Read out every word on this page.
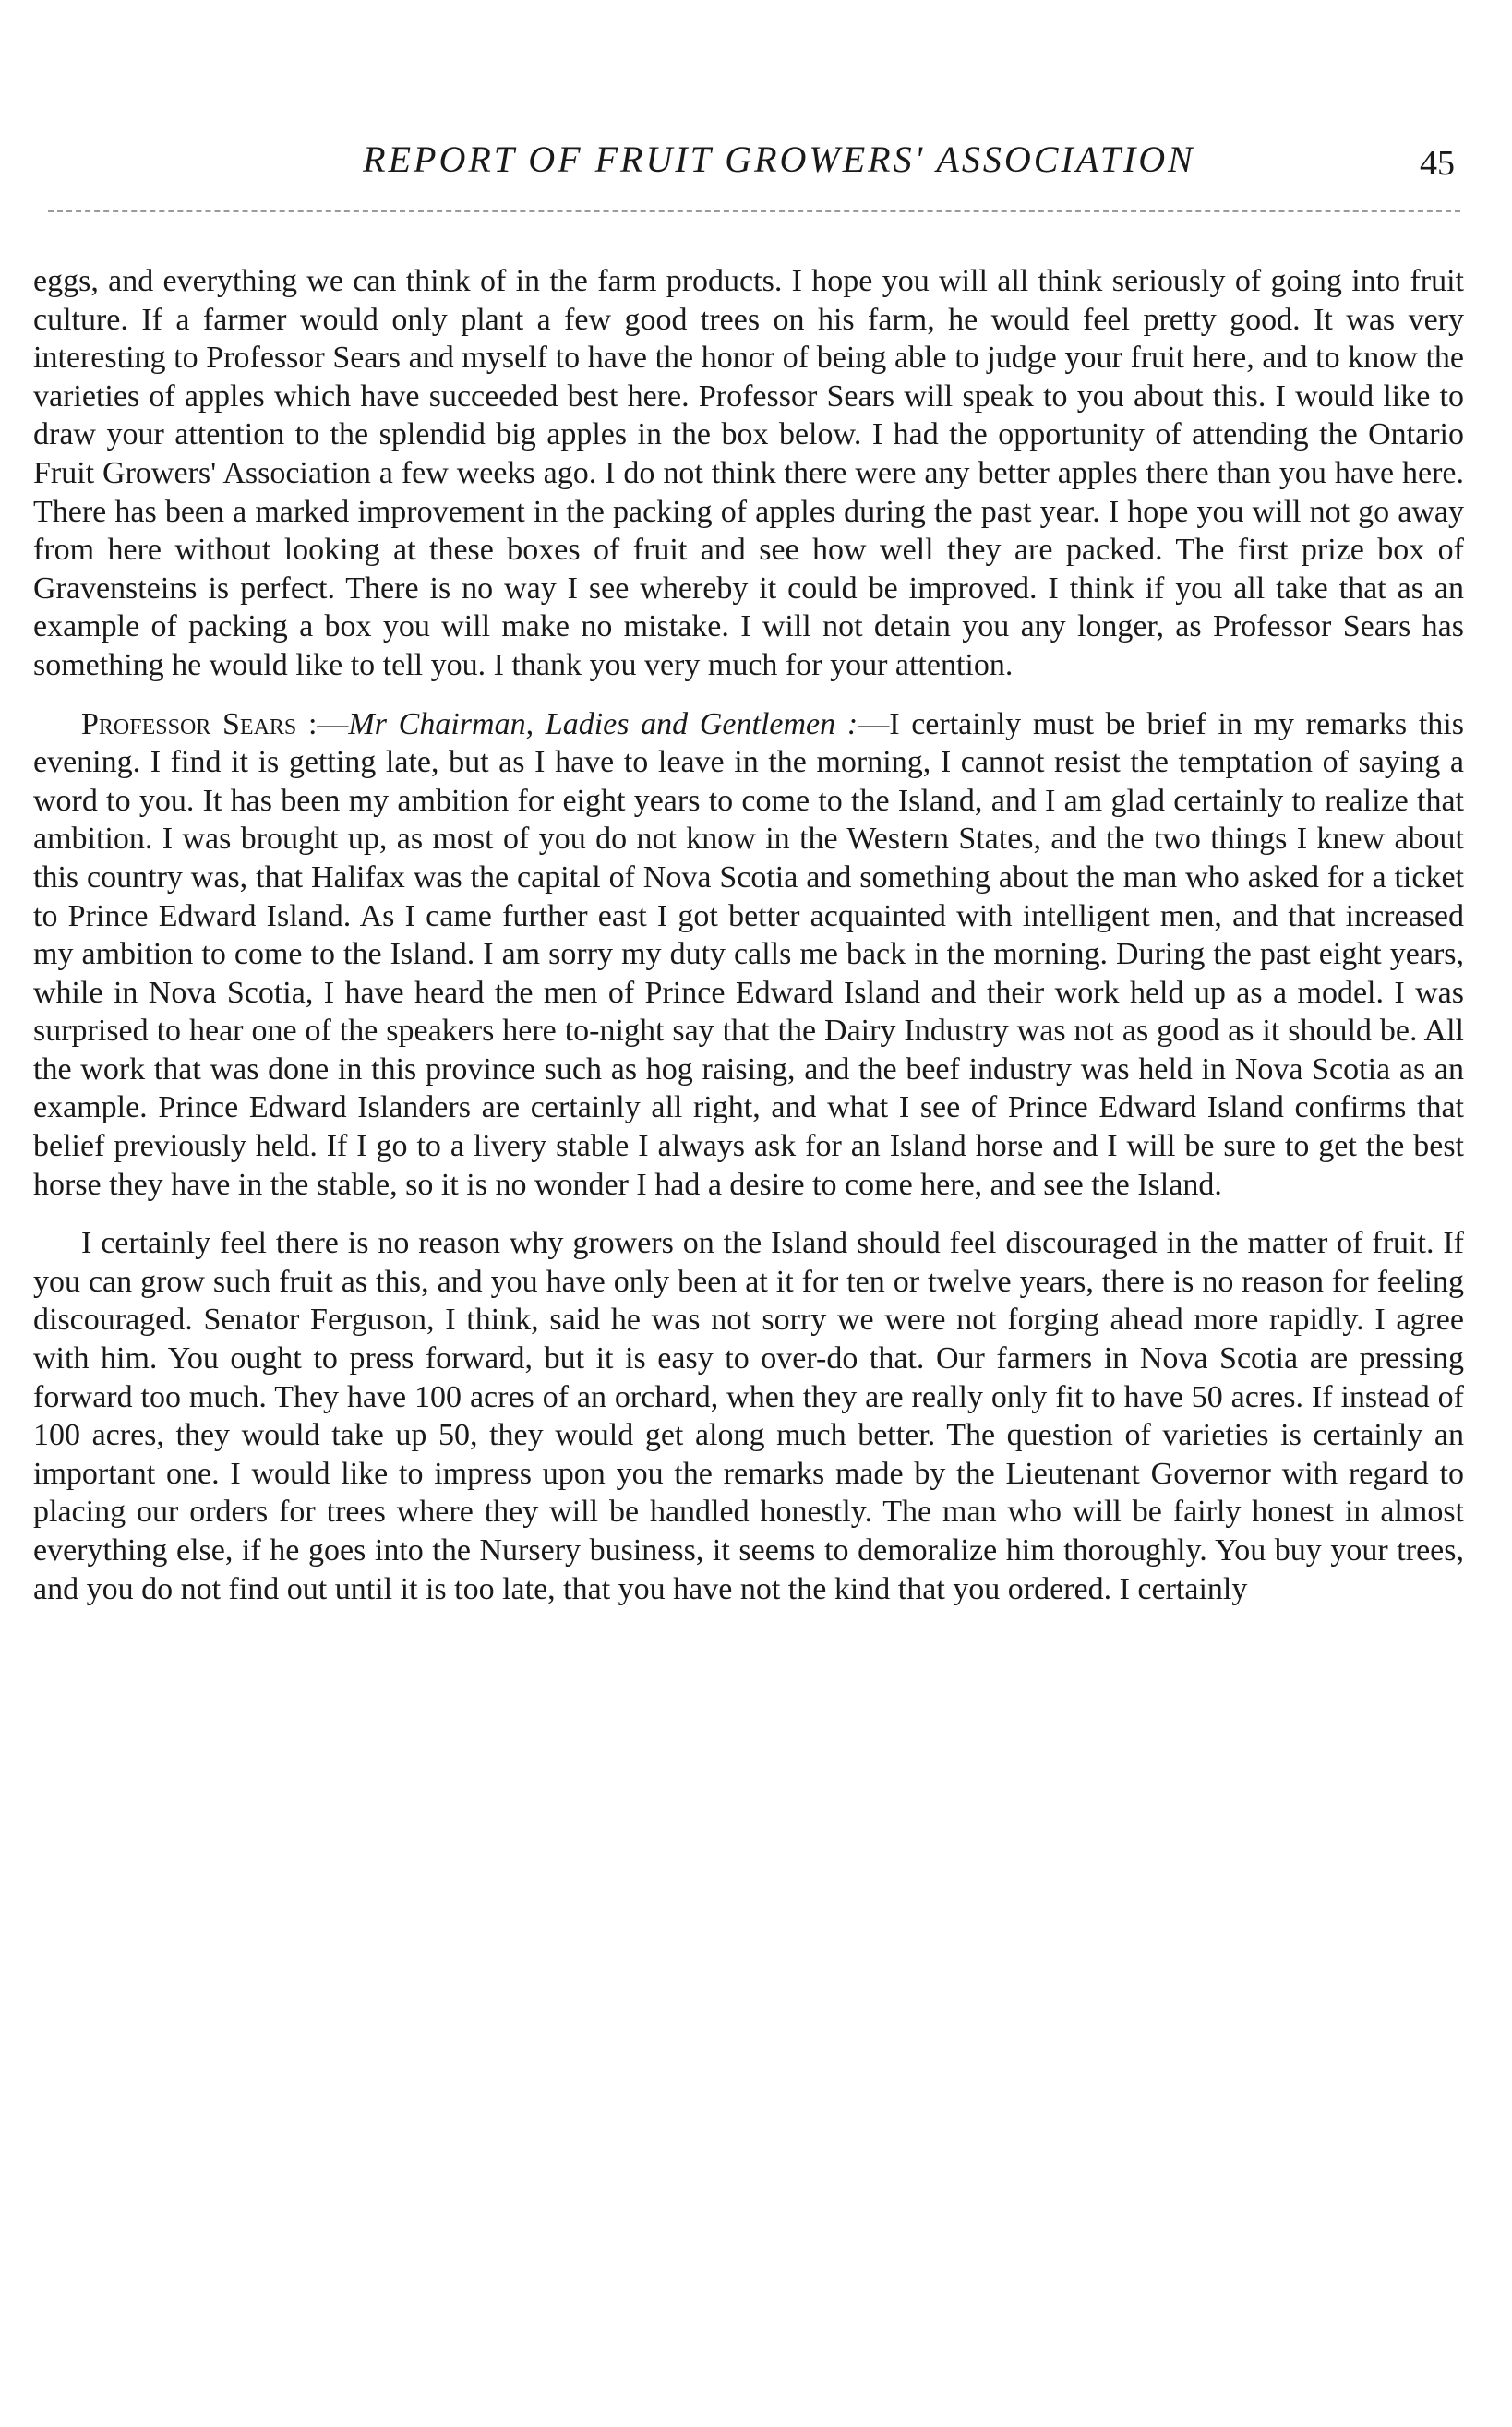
REPORT OF FRUIT GROWERS' ASSOCIATION	45

eggs, and everything we can think of in the farm products. I hope you will all think seriously of going into fruit culture. If a farmer would only plant a few good trees on his farm, he would feel pretty good. It was very interesting to Professor Sears and myself to have the honor of being able to judge your fruit here, and to know the varieties of apples which have succeeded best here. Professor Sears will speak to you about this. I would like to draw your attention to the splendid big apples in the box below. I had the opportunity of attending the Ontario Fruit Growers' Association a few weeks ago. I do not think there were any better apples there than you have here. There has been a marked improvement in the packing of apples during the past year. I hope you will not go away from here without looking at these boxes of fruit and see how well they are packed. The first prize box of Gravensteins is perfect. There is no way I see whereby it could be improved. I think if you all take that as an example of packing a box you will make no mistake. I will not detain you any longer, as Professor Sears has something he would like to tell you. I thank you very much for your attention.

Professor Sears :—Mr Chairman, Ladies and Gentlemen :—I certainly must be brief in my remarks this evening. I find it is getting late, but as I have to leave in the morning, I cannot resist the temptation of saying a word to you. It has been my ambition for eight years to come to the Island, and I am glad certainly to realize that ambition. I was brought up, as most of you do not know in the Western States, and the two things I knew about this country was, that Halifax was the capital of Nova Scotia and something about the man who asked for a ticket to Prince Edward Island. As I came further east I got better acquainted with intelligent men, and that increased my ambition to come to the Island. I am sorry my duty calls me back in the morning. During the past eight years, while in Nova Scotia, I have heard the men of Prince Edward Island and their work held up as a model. I was surprised to hear one of the speakers here to-night say that the Dairy Industry was not as good as it should be. All the work that was done in this province such as hog raising, and the beef industry was held in Nova Scotia as an example. Prince Edward Islanders are certainly all right, and what I see of Prince Edward Island confirms that belief previously held. If I go to a livery stable I always ask for an Island horse and I will be sure to get the best horse they have in the stable, so it is no wonder I had a desire to come here, and see the Island.

I certainly feel there is no reason why growers on the Island should feel discouraged in the matter of fruit. If you can grow such fruit as this, and you have only been at it for ten or twelve years, there is no reason for feeling discouraged. Senator Ferguson, I think, said he was not sorry we were not forging ahead more rapidly. I agree with him. You ought to press forward, but it is easy to over-do that. Our farmers in Nova Scotia are pressing forward too much. They have 100 acres of an orchard, when they are really only fit to have 50 acres. If instead of 100 acres, they would take up 50, they would get along much better. The question of varieties is certainly an important one. I would like to impress upon you the remarks made by the Lieutenant Governor with regard to placing our orders for trees where they will be handled honestly. The man who will be fairly honest in almost everything else, if he goes into the Nursery business, it seems to demoralize him thoroughly. You buy your trees, and you do not find out until it is too late, that you have not the kind that you ordered. I certainly
